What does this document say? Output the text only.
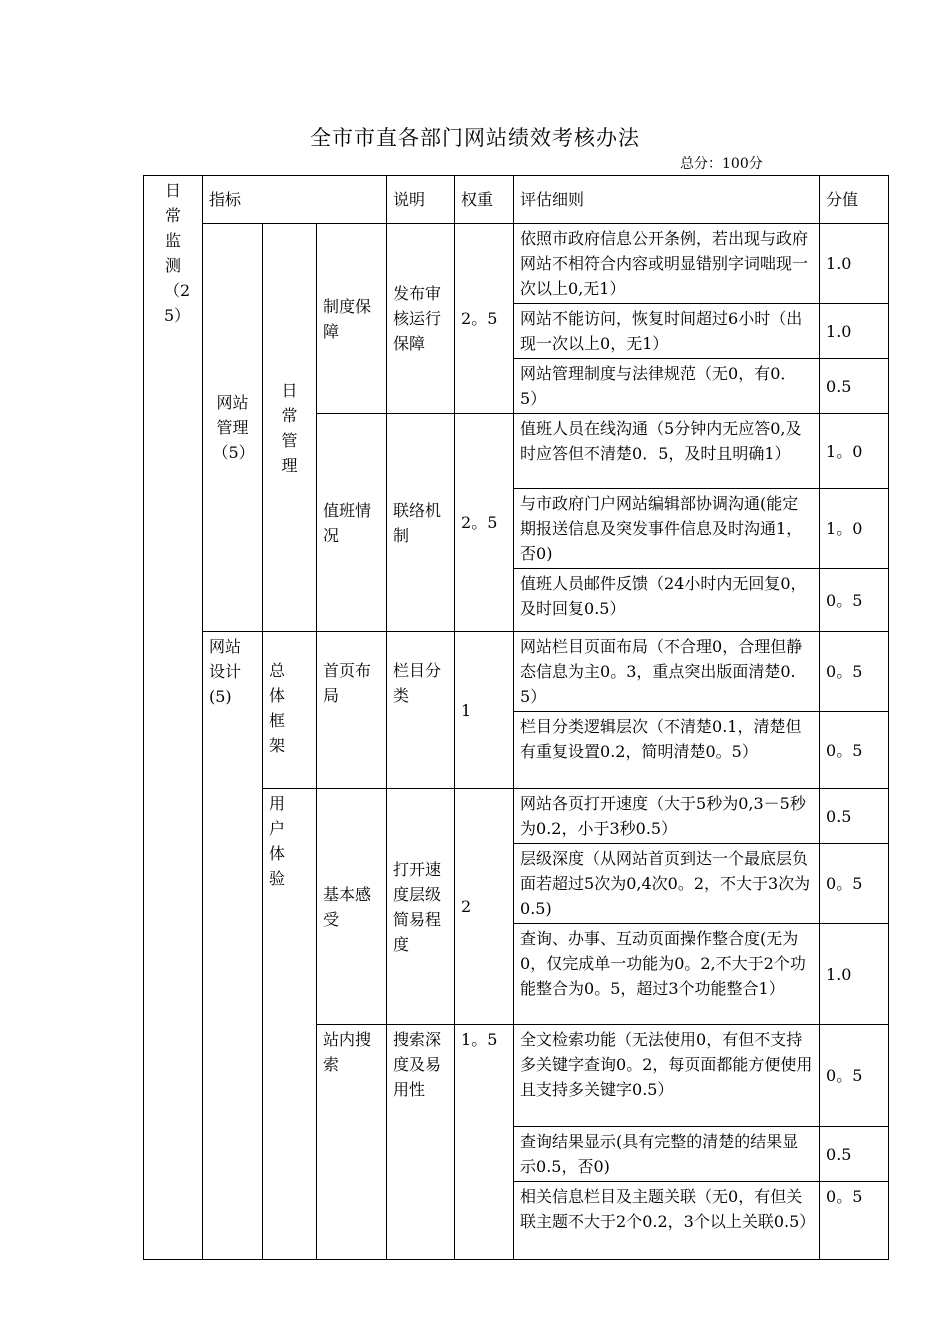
全市市直各部门网站绩效考核办法
总分：100分
日常监测（25）	指标			说明	权重	评估细则	分值
	网站管理（5）	日常管理	制度保障	发布审核运行保障	2。5	依照市政府信息公开条例，若出现与政府网站不相符合内容或明显错别字词咄现一次以上0,无1）	1.0
						网站不能访问，恢复时间超过6小时（出现一次以上0，无1）	1.0
						网站管理制度与法律规范（无0，有0．5）	0.5
			值班情况	联络机制	2。5	值班人员在线沟通（5分钟内无应答0,及时应答但不清楚0．5，及时且明确1）	1。0
						与市政府门户网站编辑部协调沟通(能定期报送信息及突发事件信息及时沟通1，否0)	1。0
						值班人员邮件反馈（24小时内无回复0，及时回复0.5）	0。5
	网站设计(5)	总体框架	首页布局	栏目分类	1	网站栏目页面布局（不合理0，合理但静态信息为主0。3，重点突出版面清楚0.5）	0。5
						栏目分类逻辑层次（不清楚0.1，清楚但有重复设置0.2，简明清楚0。5）	0。5
		用户体验	基本感受	打开速度层级简易程度	2	网站各页打开速度（大于5秒为0,3－5秒为0.2，小于3秒0.5）	0.5
						层级深度（从网站首页到达一个最底层负面若超过5次为0,4次0。2，不大于3次为0.5)	0。5
						查询、办事、互动页面操作整合度(无为0，仅完成单一功能为0。2,不大于2个功能整合为0。5，超过3个功能整合1）	1.0
			站内搜索	搜索深度及易用性	1。5	全文检索功能（无法使用0，有但不支持多关键字查询0。2，每页面都能方便使用且支持多关键字0.5）	0。5
						查询结果显示(具有完整的清楚的结果显示0.5，否0)	0.5
						相关信息栏目及主题关联（无0，有但关联主题不大于2个0.2，3个以上关联0.5）	0。5
